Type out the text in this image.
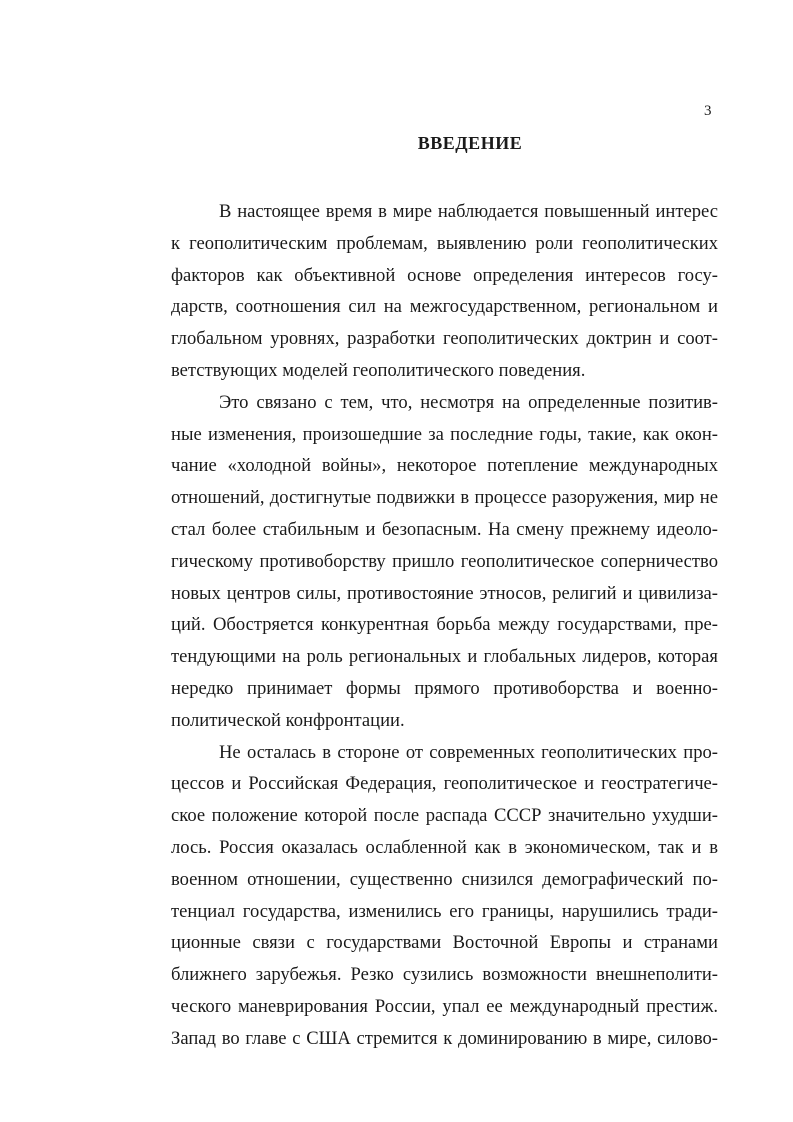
3
ВВЕДЕНИЕ
В настоящее время в мире наблюдается повышенный интерес
к геополитическим проблемам, выявлению роли геополитических
факторов как объективной основе определения интересов госу-
дарств, соотношения сил на межгосударственном, региональном и
глобальном уровнях, разработки геополитических доктрин и соот-
ветствующих моделей геополитического поведения.
Это связано с тем, что, несмотря на определенные позитив-
ные изменения, произошедшие за последние годы, такие, как окон-
чание «холодной войны», некоторое потепление международных
отношений, достигнутые подвижки в процессе разоружения, мир не
стал более стабильным и безопасным. На смену прежнему идеоло-
гическому противоборству пришло геополитическое соперничество
новых центров силы, противостояние этносов, религий и цивилиза-
ций. Обостряется конкурентная борьба между государствами, пре-
тендующими на роль региональных и глобальных лидеров, которая
нередко принимает формы прямого противоборства и военно-
политической конфронтации.
Не осталась в стороне от современных геополитических про-
цессов и Российская Федерация, геополитическое и геостратегиче-
ское положение которой после распада СССР значительно ухудши-
лось. Россия оказалась ослабленной как в экономическом, так и в
военном отношении, существенно снизился демографический по-
тенциал государства, изменились его границы, нарушились тради-
ционные связи с государствами Восточной Европы и странами
ближнего зарубежья. Резко сузились возможности внешнеполити-
ческого маневрирования России, упал ее международный престиж.
Запад во главе с США стремится к доминированию в мире, силово-
